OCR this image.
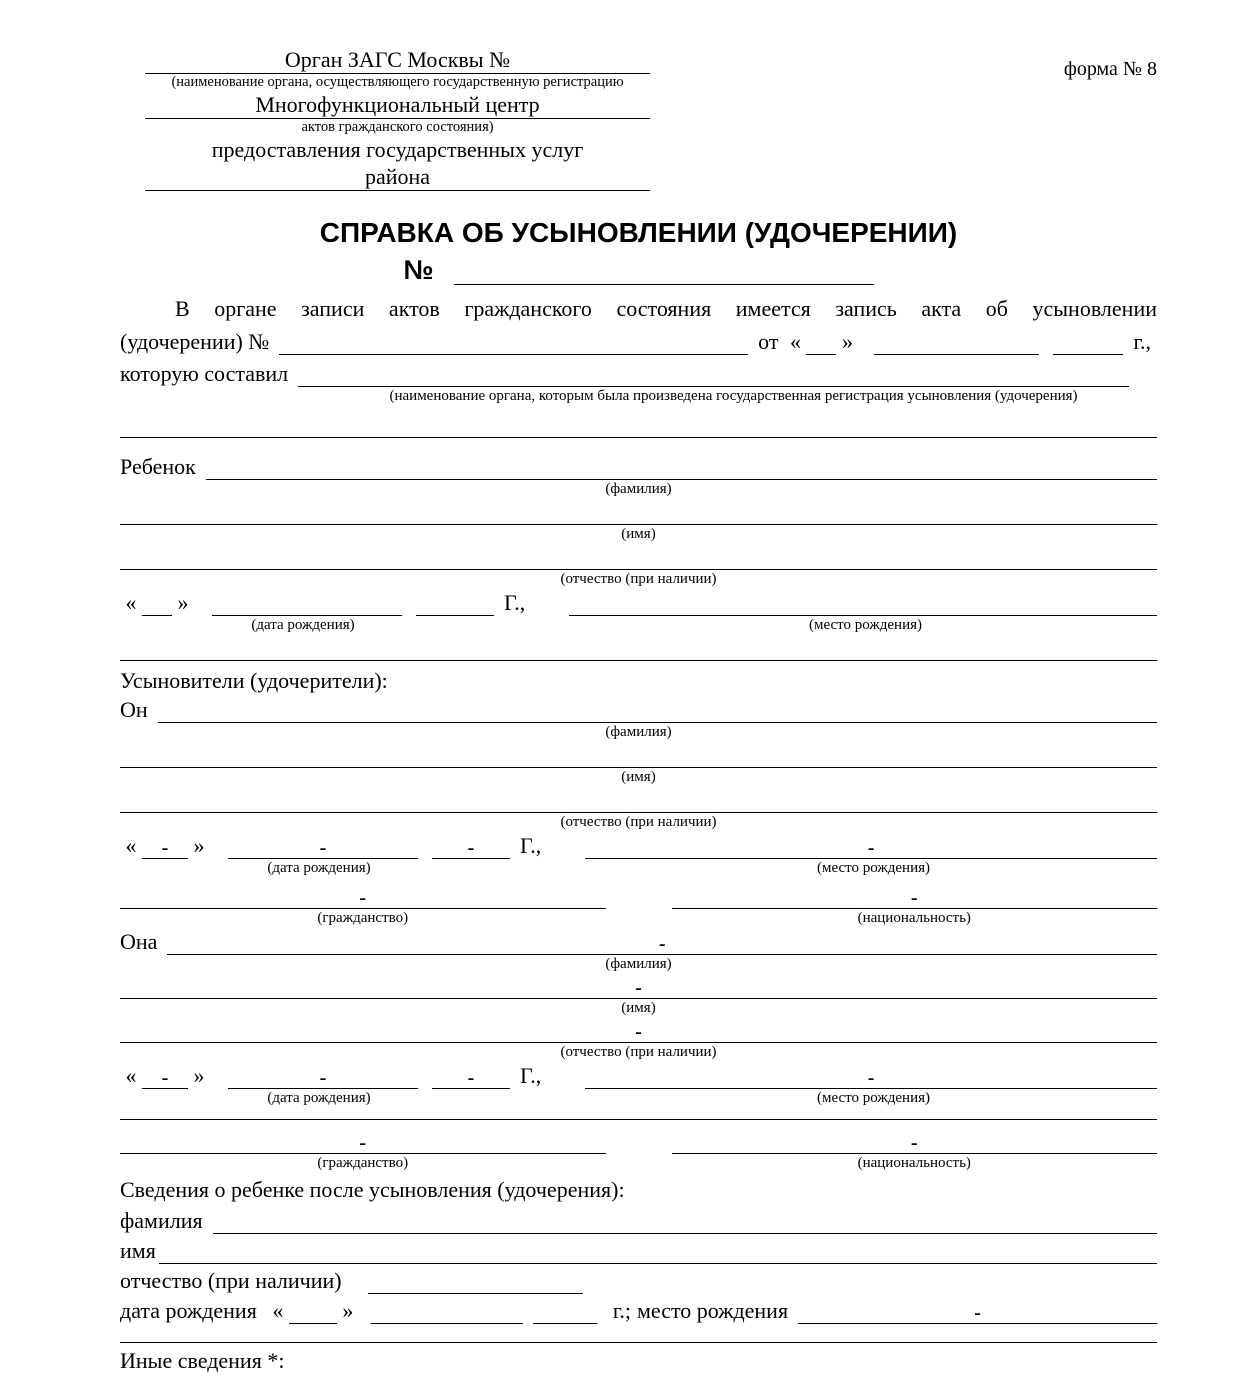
Орган ЗАГС Москвы №
(наименование органа, осуществляющего государственную регистрацию
Многофункциональный центр
актов гражданского состояния)
предоставления государственных услуг
района
форма № 8
СПРАВКА ОБ УСЫНОВЛЕНИИ (УДОЧЕРЕНИИ)
№
В органе записи актов гражданского состояния имеется запись акта об усыновлении
(удочерении) №	от « »	г.,
которую составил
(наименование органа, которым была произведена государственная регистрация усыновления (удочерения)
Ребенок
(фамилия)
(имя)
(отчество (при наличии)
« »	Г.,
(дата рождения)	(место рождения)
Усыновители (удочерители):
Он
(фамилия)
(имя)
(отчество (при наличии)
«	-	»	-	-	Г.,	-
(дата рождения)	(место рождения)
-	-
(гражданство)	(национальность)
Она	-
(фамилия)
-
(имя)
-
(отчество (при наличии)
«	-	»	-	-	Г.,	-
(дата рождения)	(место рождения)
-	-
(гражданство)	(национальность)
Сведения о ребенке после усыновления (удочерения):
фамилия
имя
отчество (при наличии)
дата рождения «	»	г.; место рождения	-
Иные сведения *:
